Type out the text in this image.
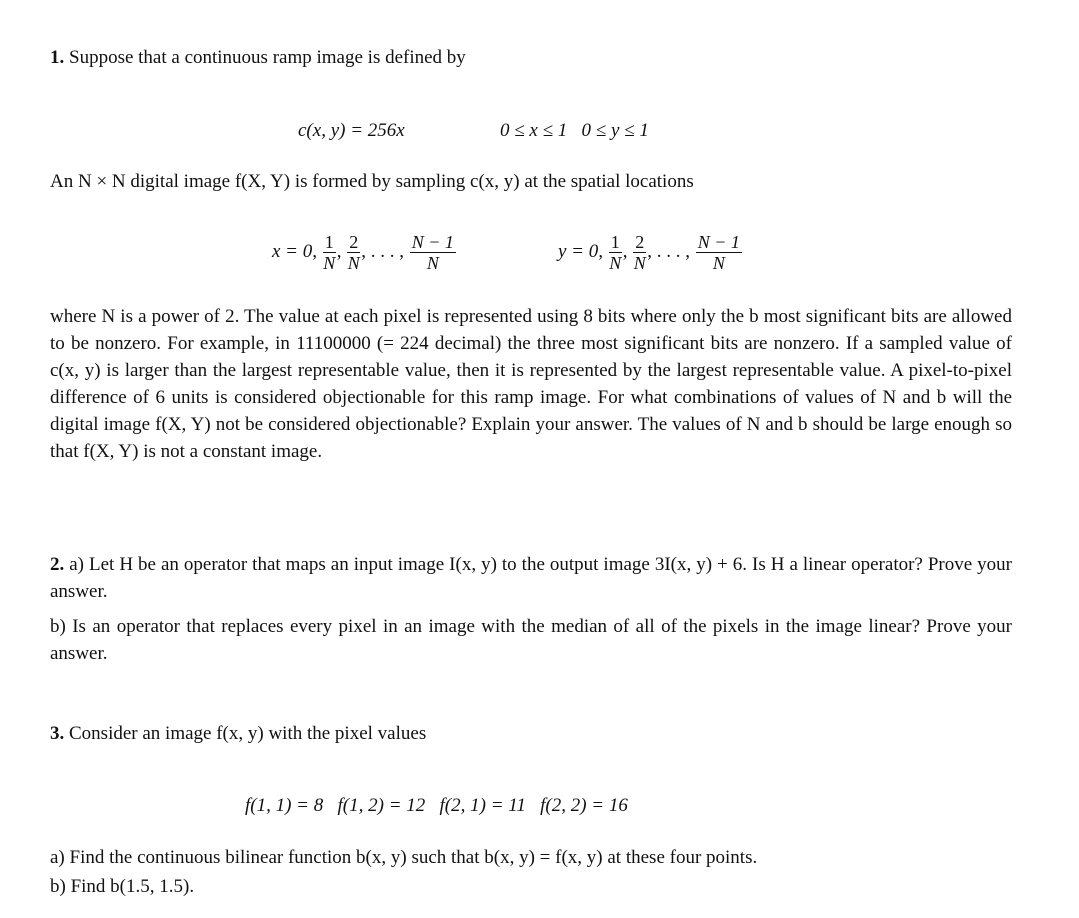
1. Suppose that a continuous ramp image is defined by
c(x, y) = 256x	0 ≤ x ≤ 1   0 ≤ y ≤ 1
An N × N digital image f(X, Y) is formed by sampling c(x, y) at the spatial locations
x = 0, $\frac{1}{N}$ , $\frac{2}{N}$ , . . . , $\frac{N - 1}{N}$	y = 0, $\frac{1}{N}$ , $\frac{2}{N}$ , . . . , $\frac{N - 1}{N}$
where N is a power of 2. The value at each pixel is represented using 8 bits where only the b most significant bits are allowed to be nonzero. For example, in 11100000 (= 224 decimal) the three most significant bits are nonzero. If a sampled value of c(x, y) is larger than the largest representable value, then it is represented by the largest representable value. A pixel-to-pixel difference of 6 units is considered objectionable for this ramp image. For what combinations of values of N and b will the digital image f(X, Y) not be considered objectionable? Explain your answer. The values of N and b should be large enough so that f(X, Y) is not a constant image.
2. a) Let H be an operator that maps an input image I(x, y) to the output image 3I(x, y) + 6. Is H a linear operator? Prove your answer.
b) Is an operator that replaces every pixel in an image with the median of all of the pixels in the image linear? Prove your answer.
3. Consider an image f(x, y) with the pixel values
f(1, 1) = 8   f(1, 2) = 12   f(2, 1) = 11   f(2, 2) = 16
a) Find the continuous bilinear function b(x, y) such that b(x, y) = f(x, y) at these four points.
b) Find b(1.5, 1.5).
